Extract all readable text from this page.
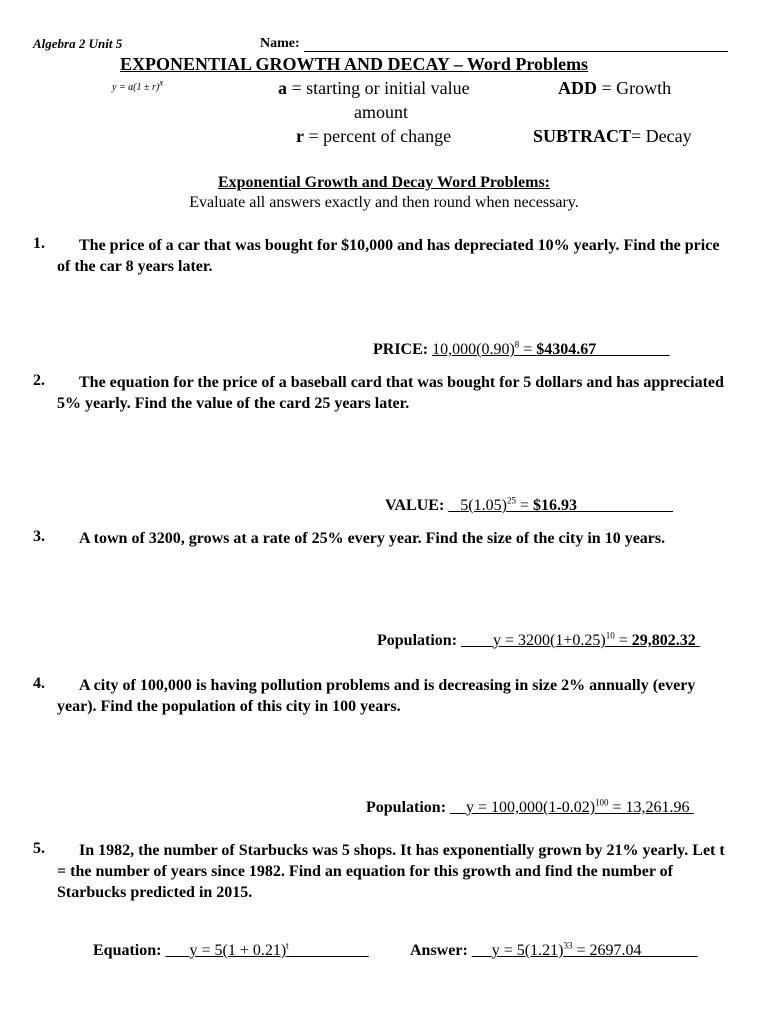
Algebra 2 Unit 5	Name:
EXPONENTIAL GROWTH AND DECAY – Word Problems
$y = a(1 \pm r)^x$	a = starting or initial value
amount
ADD = Growth
r = percent of change	SUBTRACT= Decay
Exponential Growth and Decay Word Problems:
Evaluate all answers exactly and then round when necessary.
1.	The price of a car that was bought for $10,000 and has depreciated 10% yearly. Find the price of the car 8 years later.
PRICE: $10,000(0.90)^8$ = $4304.67 
2.	The equation for the price of a baseball card that was bought for 5 dollars and has appreciated 5% yearly. Find the value of the card 25 years later.
VALUE: $5(1.05)^{25}$ = $16.93
3.	A town of 3200, grows at a rate of 25% every year. Find the size of the city in 10 years.
Population: $y = 3200(1+0.25)^{10} = 29,802.32$
4.	A city of 100,000 is having pollution problems and is decreasing in size 2% annually (every year). Find the population of this city in 100 years.
Population: $y = 100,000(1-0.02)^{100} = 13,261.96$
5.	In 1982, the number of Starbucks was 5 shops. It has exponentially grown by 21% yearly. Let t = the number of years since 1982. Find an equation for this growth and find the number of Starbucks predicted in 2015.
Equation: $y = 5(1 + 0.21)^t$	Answer: $y = 5(1.21)^{33} = 2697.04$
